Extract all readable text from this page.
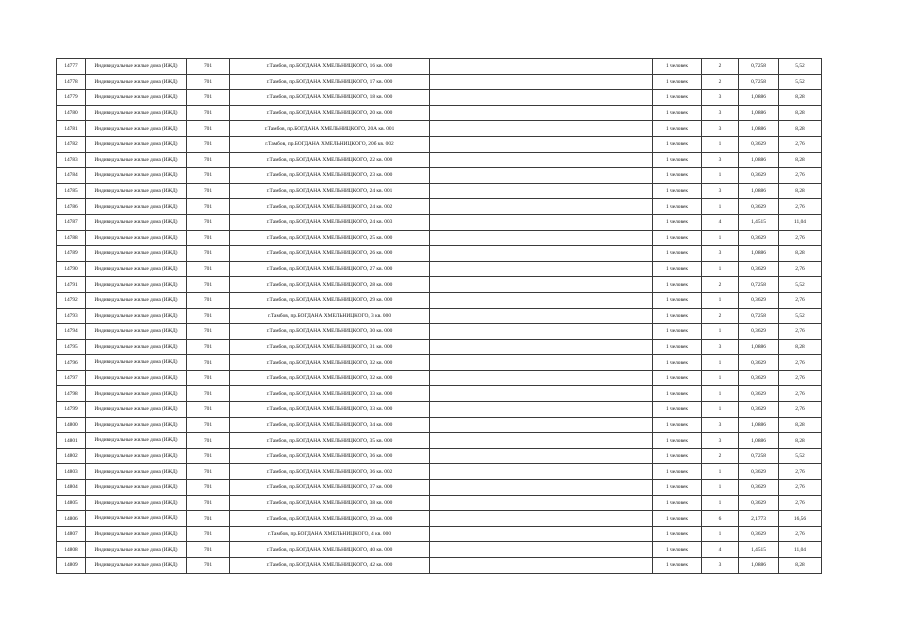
14777	Индивидуальные жилые дома (ИЖД)	701	г.Тамбов, пр.БОГДАНА ХМЕЛЬНИЦКОГО, 16 кв. 000		1 человек	2	0,7258	5,52
14778	Индивидуальные жилые дома (ИЖД)	701	г.Тамбов, пр.БОГДАНА ХМЕЛЬНИЦКОГО, 17 кв. 000		1 человек	2	0,7258	5,52
14779	Индивидуальные жилые дома (ИЖД)	701	г.Тамбов, пр.БОГДАНА ХМЕЛЬНИЦКОГО, 18 кв. 000		1 человек	3	1,0886	8,28
14780	Индивидуальные жилые дома (ИЖД)	701	г.Тамбов, пр.БОГДАНА ХМЕЛЬНИЦКОГО, 20 кв. 000		1 человек	3	1,0886	8,28
14781	Индивидуальные жилые дома (ИЖД)	701	г.Тамбов, пр.БОГДАНА ХМЕЛЬНИЦКОГО, 20А кв. 001		1 человек	3	1,0886	8,28
14782	Индивидуальные жилые дома (ИЖД)	701	г.Тамбов, пр.БОГДАНА ХМЕЛЬНИЦКОГО, 20б кв. 002		1 человек	1	0,3629	2,76
14783	Индивидуальные жилые дома (ИЖД)	701	г.Тамбов, пр.БОГДАНА ХМЕЛЬНИЦКОГО, 22 кв. 000		1 человек	3	1,0886	8,28
14784	Индивидуальные жилые дома (ИЖД)	701	г.Тамбов, пр.БОГДАНА ХМЕЛЬНИЦКОГО, 23 кв. 000		1 человек	1	0,3629	2,76
14785	Индивидуальные жилые дома (ИЖД)	701	г.Тамбов, пр.БОГДАНА ХМЕЛЬНИЦКОГО, 24 кв. 001		1 человек	3	1,0886	8,28
14786	Индивидуальные жилые дома (ИЖД)	701	г.Тамбов, пр.БОГДАНА ХМЕЛЬНИЦКОГО, 24 кв. 002		1 человек	1	0,3629	2,76
14787	Индивидуальные жилые дома (ИЖД)	701	г.Тамбов, пр.БОГДАНА ХМЕЛЬНИЦКОГО, 24 кв. 003		1 человек	4	1,4515	11,04
14788	Индивидуальные жилые дома (ИЖД)	701	г.Тамбов, пр.БОГДАНА ХМЕЛЬНИЦКОГО, 25 кв. 000		1 человек	1	0,3629	2,76
14789	Индивидуальные жилые дома (ИЖД)	701	г.Тамбов, пр.БОГДАНА ХМЕЛЬНИЦКОГО, 26 кв. 000		1 человек	3	1,0886	8,28
14790	Индивидуальные жилые дома (ИЖД)	701	г.Тамбов, пр.БОГДАНА ХМЕЛЬНИЦКОГО, 27 кв. 000		1 человек	1	0,3629	2,76
14791	Индивидуальные жилые дома (ИЖД)	701	г.Тамбов, пр.БОГДАНА ХМЕЛЬНИЦКОГО, 28 кв. 000		1 человек	2	0,7258	5,52
14792	Индивидуальные жилые дома (ИЖД)	701	г.Тамбов, пр.БОГДАНА ХМЕЛЬНИЦКОГО, 29 кв. 000		1 человек	1	0,3629	2,76
14793	Индивидуальные жилые дома (ИЖД)	701	г.Тамбов, пр.БОГДАНА ХМЕЛЬНИЦКОГО, 3 кв. 000		1 человек	2	0,7258	5,52
14794	Индивидуальные жилые дома (ИЖД)	701	г.Тамбов, пр.БОГДАНА ХМЕЛЬНИЦКОГО, 30 кв. 000		1 человек	1	0,3629	2,76
14795	Индивидуальные жилые дома (ИЖД)	701	г.Тамбов, пр.БОГДАНА ХМЕЛЬНИЦКОГО, 31 кв. 000		1 человек	3	1,0886	8,28
14796	Индивидуальные жилые дома (ИЖД)	701	г.Тамбов, пр.БОГДАНА ХМЕЛЬНИЦКОГО, 32 кв. 000		1 человек	1	0,3629	2,76
14797	Индивидуальные жилые дома (ИЖД)	701	г.Тамбов, пр.БОГДАНА ХМЕЛЬНИЦКОГО, 32 кв. 000		1 человек	1	0,3629	2,76
14798	Индивидуальные жилые дома (ИЖД)	701	г.Тамбов, пр.БОГДАНА ХМЕЛЬНИЦКОГО, 33 кв. 000		1 человек	1	0,3629	2,76
14799	Индивидуальные жилые дома (ИЖД)	701	г.Тамбов, пр.БОГДАНА ХМЕЛЬНИЦКОГО, 33 кв. 000		1 человек	1	0,3629	2,76
14800	Индивидуальные жилые дома (ИЖД)	701	г.Тамбов, пр.БОГДАНА ХМЕЛЬНИЦКОГО, 34 кв. 000		1 человек	3	1,0886	8,28
14801	Индивидуальные жилые дома (ИЖД)	701	г.Тамбов, пр.БОГДАНА ХМЕЛЬНИЦКОГО, 35 кв. 000		1 человек	3	1,0886	8,28
14802	Индивидуальные жилые дома (ИЖД)	701	г.Тамбов, пр.БОГДАНА ХМЕЛЬНИЦКОГО, 36 кв. 000		1 человек	2	0,7258	5,52
14803	Индивидуальные жилые дома (ИЖД)	701	г.Тамбов, пр.БОГДАНА ХМЕЛЬНИЦКОГО, 36 кв. 002		1 человек	1	0,3629	2,76
14804	Индивидуальные жилые дома (ИЖД)	701	г.Тамбов, пр.БОГДАНА ХМЕЛЬНИЦКОГО, 37 кв. 000		1 человек	1	0,3629	2,76
14805	Индивидуальные жилые дома (ИЖД)	701	г.Тамбов, пр.БОГДАНА ХМЕЛЬНИЦКОГО, 38 кв. 000		1 человек	1	0,3629	2,76
14806	Индивидуальные жилые дома (ИЖД)	701	г.Тамбов, пр.БОГДАНА ХМЕЛЬНИЦКОГО, 39 кв. 000		1 человек	6	2,1773	16,56
14807	Индивидуальные жилые дома (ИЖД)	701	г.Тамбов, пр.БОГДАНА ХМЕЛЬНИЦКОГО, 4 кв. 000		1 человек	1	0,3629	2,76
14808	Индивидуальные жилые дома (ИЖД)	701	г.Тамбов, пр.БОГДАНА ХМЕЛЬНИЦКОГО, 40 кв. 000		1 человек	4	1,4515	11,04
14809	Индивидуальные жилые дома (ИЖД)	701	г.Тамбов, пр.БОГДАНА ХМЕЛЬНИЦКОГО, 42 кв. 000		1 человек	3	1,0886	8,28
